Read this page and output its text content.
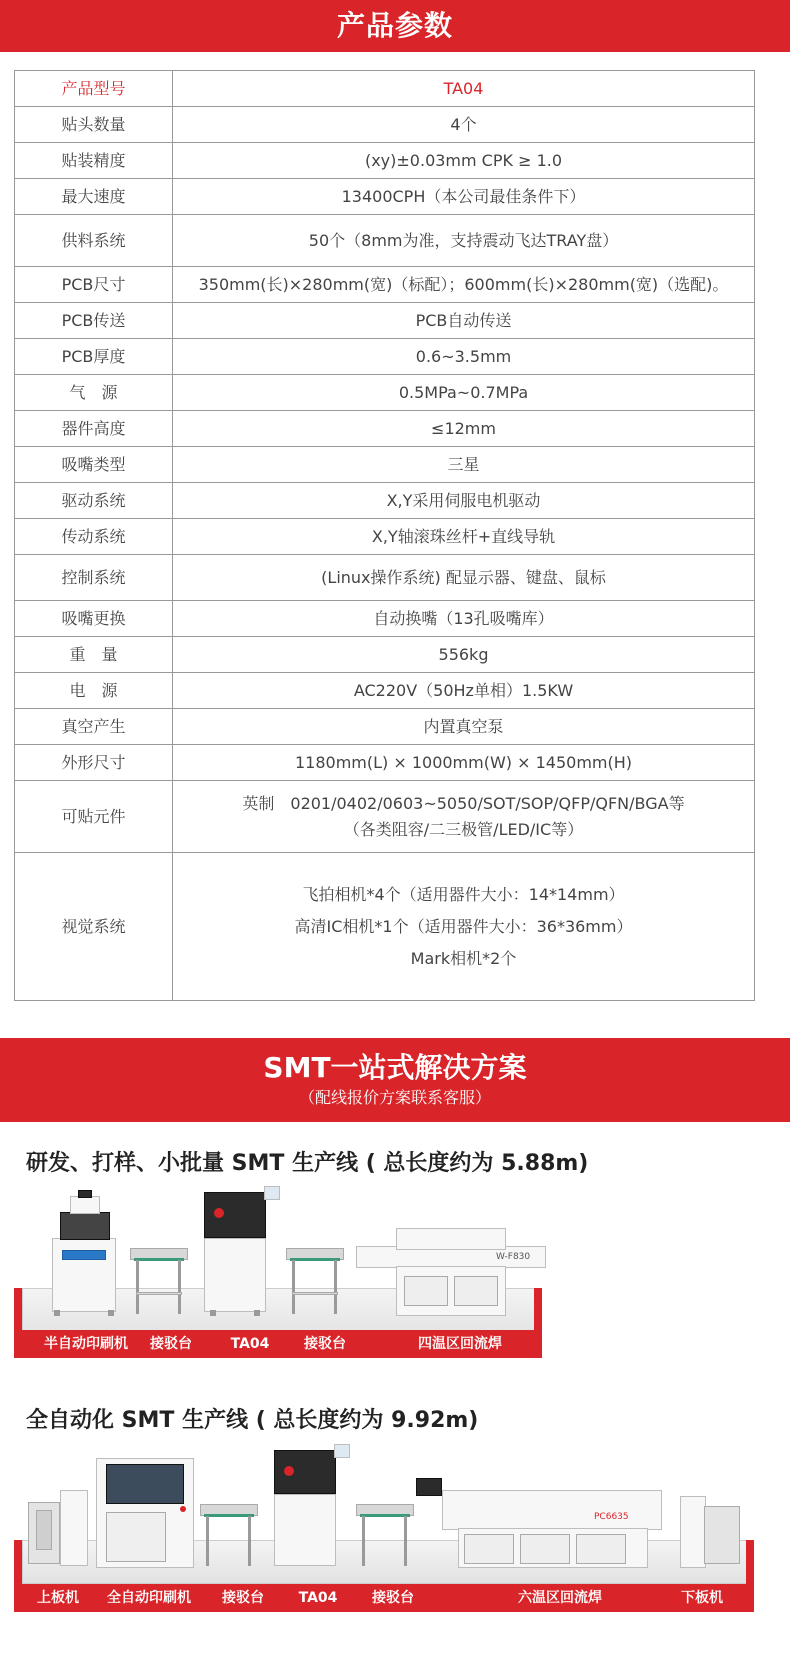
产品参数
产品型号	TA04
贴头数量	4个
贴装精度	(xy)±0.03mm CPK ≥ 1.0
最大速度	13400CPH（本公司最佳条件下）
供料系统	50个（8mm为准，支持震动飞达TRAY盘）
PCB尺寸	350mm(长)×280mm(宽)（标配）；600mm(长)×280mm(宽)（选配)。
PCB传送	PCB自动传送
PCB厚度	0.6~3.5mm
气　源	0.5MPa~0.7MPa
器件高度	≤12mm
吸嘴类型	三星
驱动系统	X,Y采用伺服电机驱动
传动系统	X,Y轴滚珠丝杆+直线导轨
控制系统	(Linux操作系统) 配显示器、键盘、鼠标
吸嘴更换	自动换嘴（13孔吸嘴库）
重　量	556kg
电　源	AC220V（50Hz单相）1.5KW
真空产生	内置真空泵
外形尺寸	1180mm(L) × 1000mm(W) × 1450mm(H)
可贴元件	英制　0201/0402/0603~5050/SOT/SOP/QFP/QFN/BGA等
（各类阻容/二三极管/LED/IC等）
视觉系统	飞拍相机*4个（适用器件大小：14*14mm）
高清IC相机*1个（适用器件大小：36*36mm）
Mark相机*2个
SMT一站式解决方案
（配线报价方案联系客服）
研发、打样、小批量 SMT 生产线 ( 总长度约为 5.88m)
W-F830
半自动印刷机	接驳台	TA04	接驳台	四温区回流焊
全自动化 SMT 生产线 ( 总长度约为 9.92m)
PC6635
上板机	全自动印刷机	接驳台	TA04	接驳台	六温区回流焊	下板机
